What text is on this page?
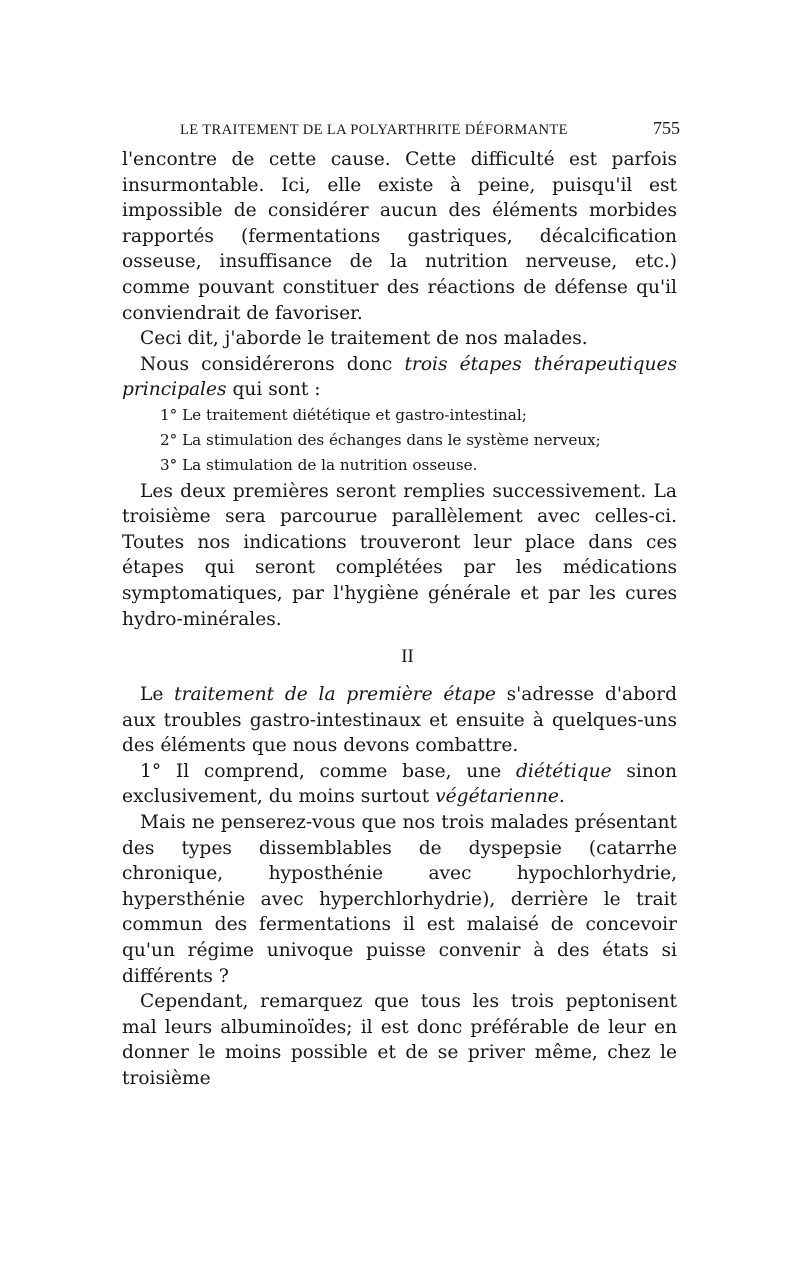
LE TRAITEMENT DE LA POLYARTHRITE DÉFORMANTE	755

l'encontre de cette cause. Cette difficulté est parfois insurmontable. Ici, elle existe à peine, puisqu'il est impossible de considérer aucun des éléments morbides rapportés (fermentations gastriques, décalcification osseuse, insuffisance de la nutrition nerveuse, etc.) comme pouvant constituer des réactions de défense qu'il conviendrait de favoriser.

Ceci dit, j'aborde le traitement de nos malades.

Nous considérerons donc trois étapes thérapeutiques principales qui sont :

1° Le traitement diététique et gastro-intestinal;
2° La stimulation des échanges dans le système nerveux;
3° La stimulation de la nutrition osseuse.

Les deux premières seront remplies successivement. La troisième sera parcourue parallèlement avec celles-ci. Toutes nos indications trouveront leur place dans ces étapes qui seront complétées par les médications symptomatiques, par l'hygiène générale et par les cures hydro-minérales.

II

Le traitement de la première étape s'adresse d'abord aux troubles gastro-intestinaux et ensuite à quelques-uns des éléments que nous devons combattre.

1° Il comprend, comme base, une diététique sinon exclusivement, du moins surtout végétarienne.

Mais ne penserez-vous que nos trois malades présentant des types dissemblables de dyspepsie (catarrhe chronique, hyposthénie avec hypochlorhydrie, hypersthénie avec hyperchlorhydrie), derrière le trait commun des fermentations il est malaisé de concevoir qu'un régime univoque puisse convenir à des états si différents ?

Cependant, remarquez que tous les trois peptonisent mal leurs albuminoïdes; il est donc préférable de leur en donner le moins possible et de se priver même, chez le troisième
